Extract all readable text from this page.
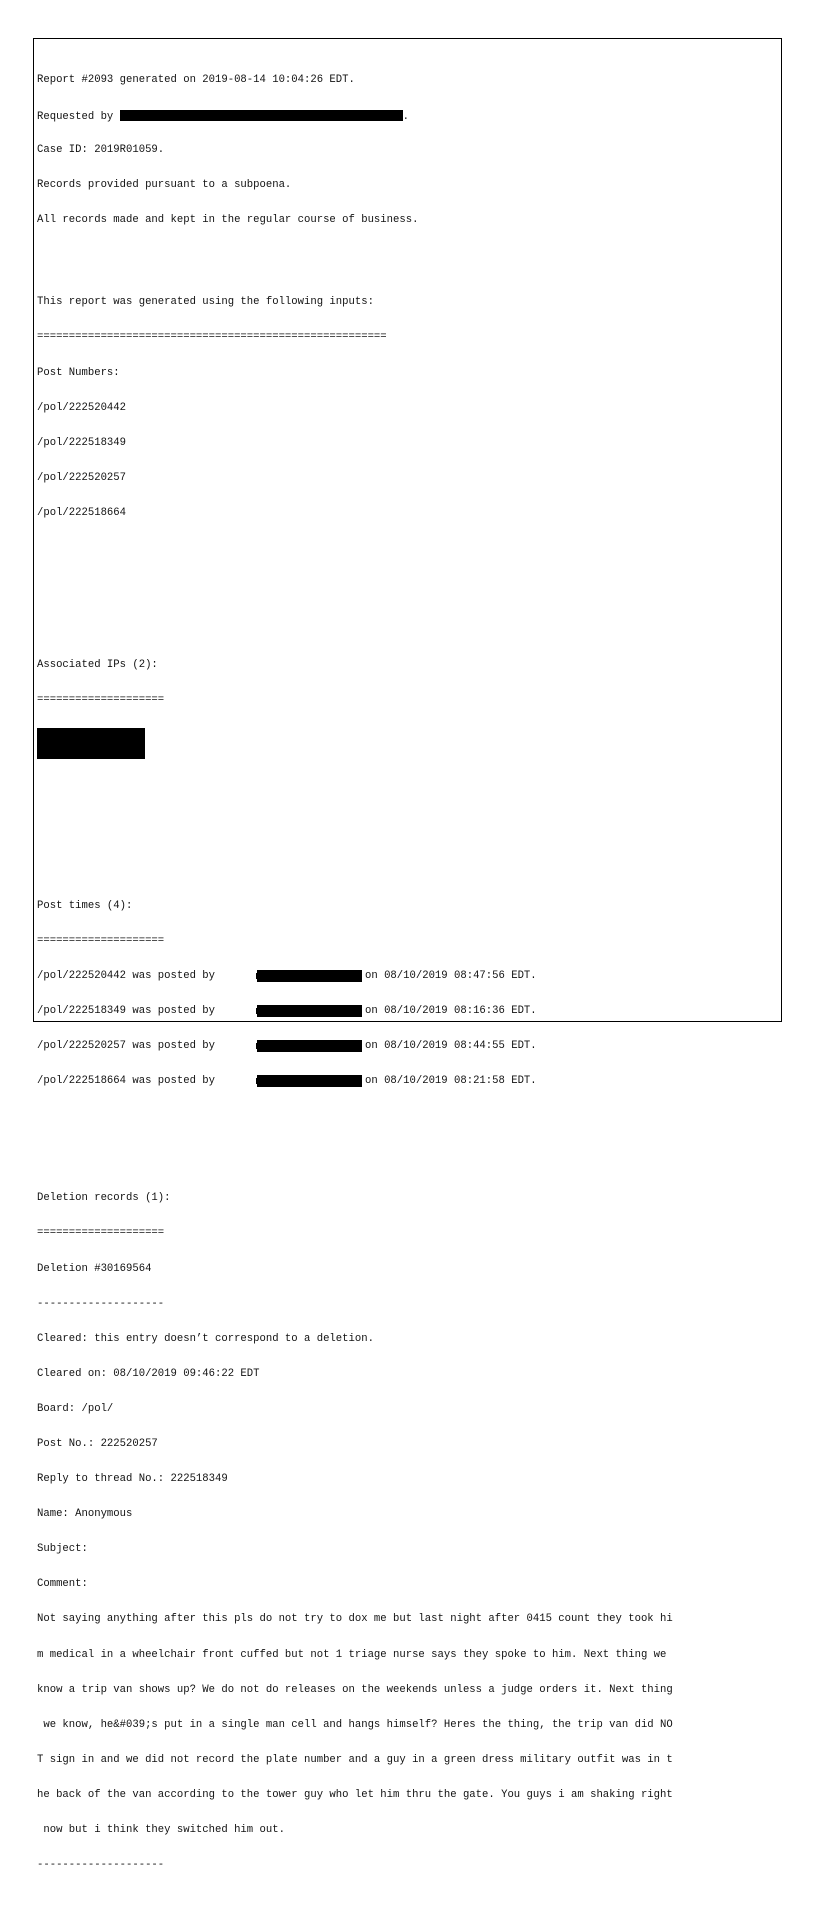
Report #2093 generated on 2019-08-14 10:04:26 EDT.

Requested by	.

Case ID: 2019R01059.

Records provided pursuant to a subpoena.

All records made and kept in the regular course of business.

This report was generated using the following inputs:

=======================================================

Post Numbers:

/pol/222520442

/pol/222518349

/pol/222520257

/pol/222518664

Associated IPs (2):

====================

Post times (4):

====================

/pol/222520442 was posted by	on 08/10/2019 08:47:56 EDT.

/pol/222518349 was posted by	on 08/10/2019 08:16:36 EDT.

/pol/222520257 was posted by	on 08/10/2019 08:44:55 EDT.

/pol/222518664 was posted by	on 08/10/2019 08:21:58 EDT.

Deletion records (1):

====================

Deletion #30169564

--------------------

Cleared: this entry doesn’t correspond to a deletion.

Cleared on: 08/10/2019 09:46:22 EDT

Board: /pol/

Post No.: 222520257

Reply to thread No.: 222518349

Name: Anonymous

Subject:

Comment:

Not saying anything after this pls do not try to dox me but last night after 0415 count they took hi

m medical in a wheelchair front cuffed but not 1 triage nurse says they spoke to him. Next thing we

know a trip van shows up? We do not do releases on the weekends unless a judge orders it. Next thing

we know, he&#039;s put in a single man cell and hangs himself? Heres the thing, the trip van did NO

T sign in and we did not record the plate number and a guy in a green dress military outfit was in t

he back of the van according to the tower guy who let him thru the gate. You guys i am shaking right

now but i think they switched him out.

--------------------
